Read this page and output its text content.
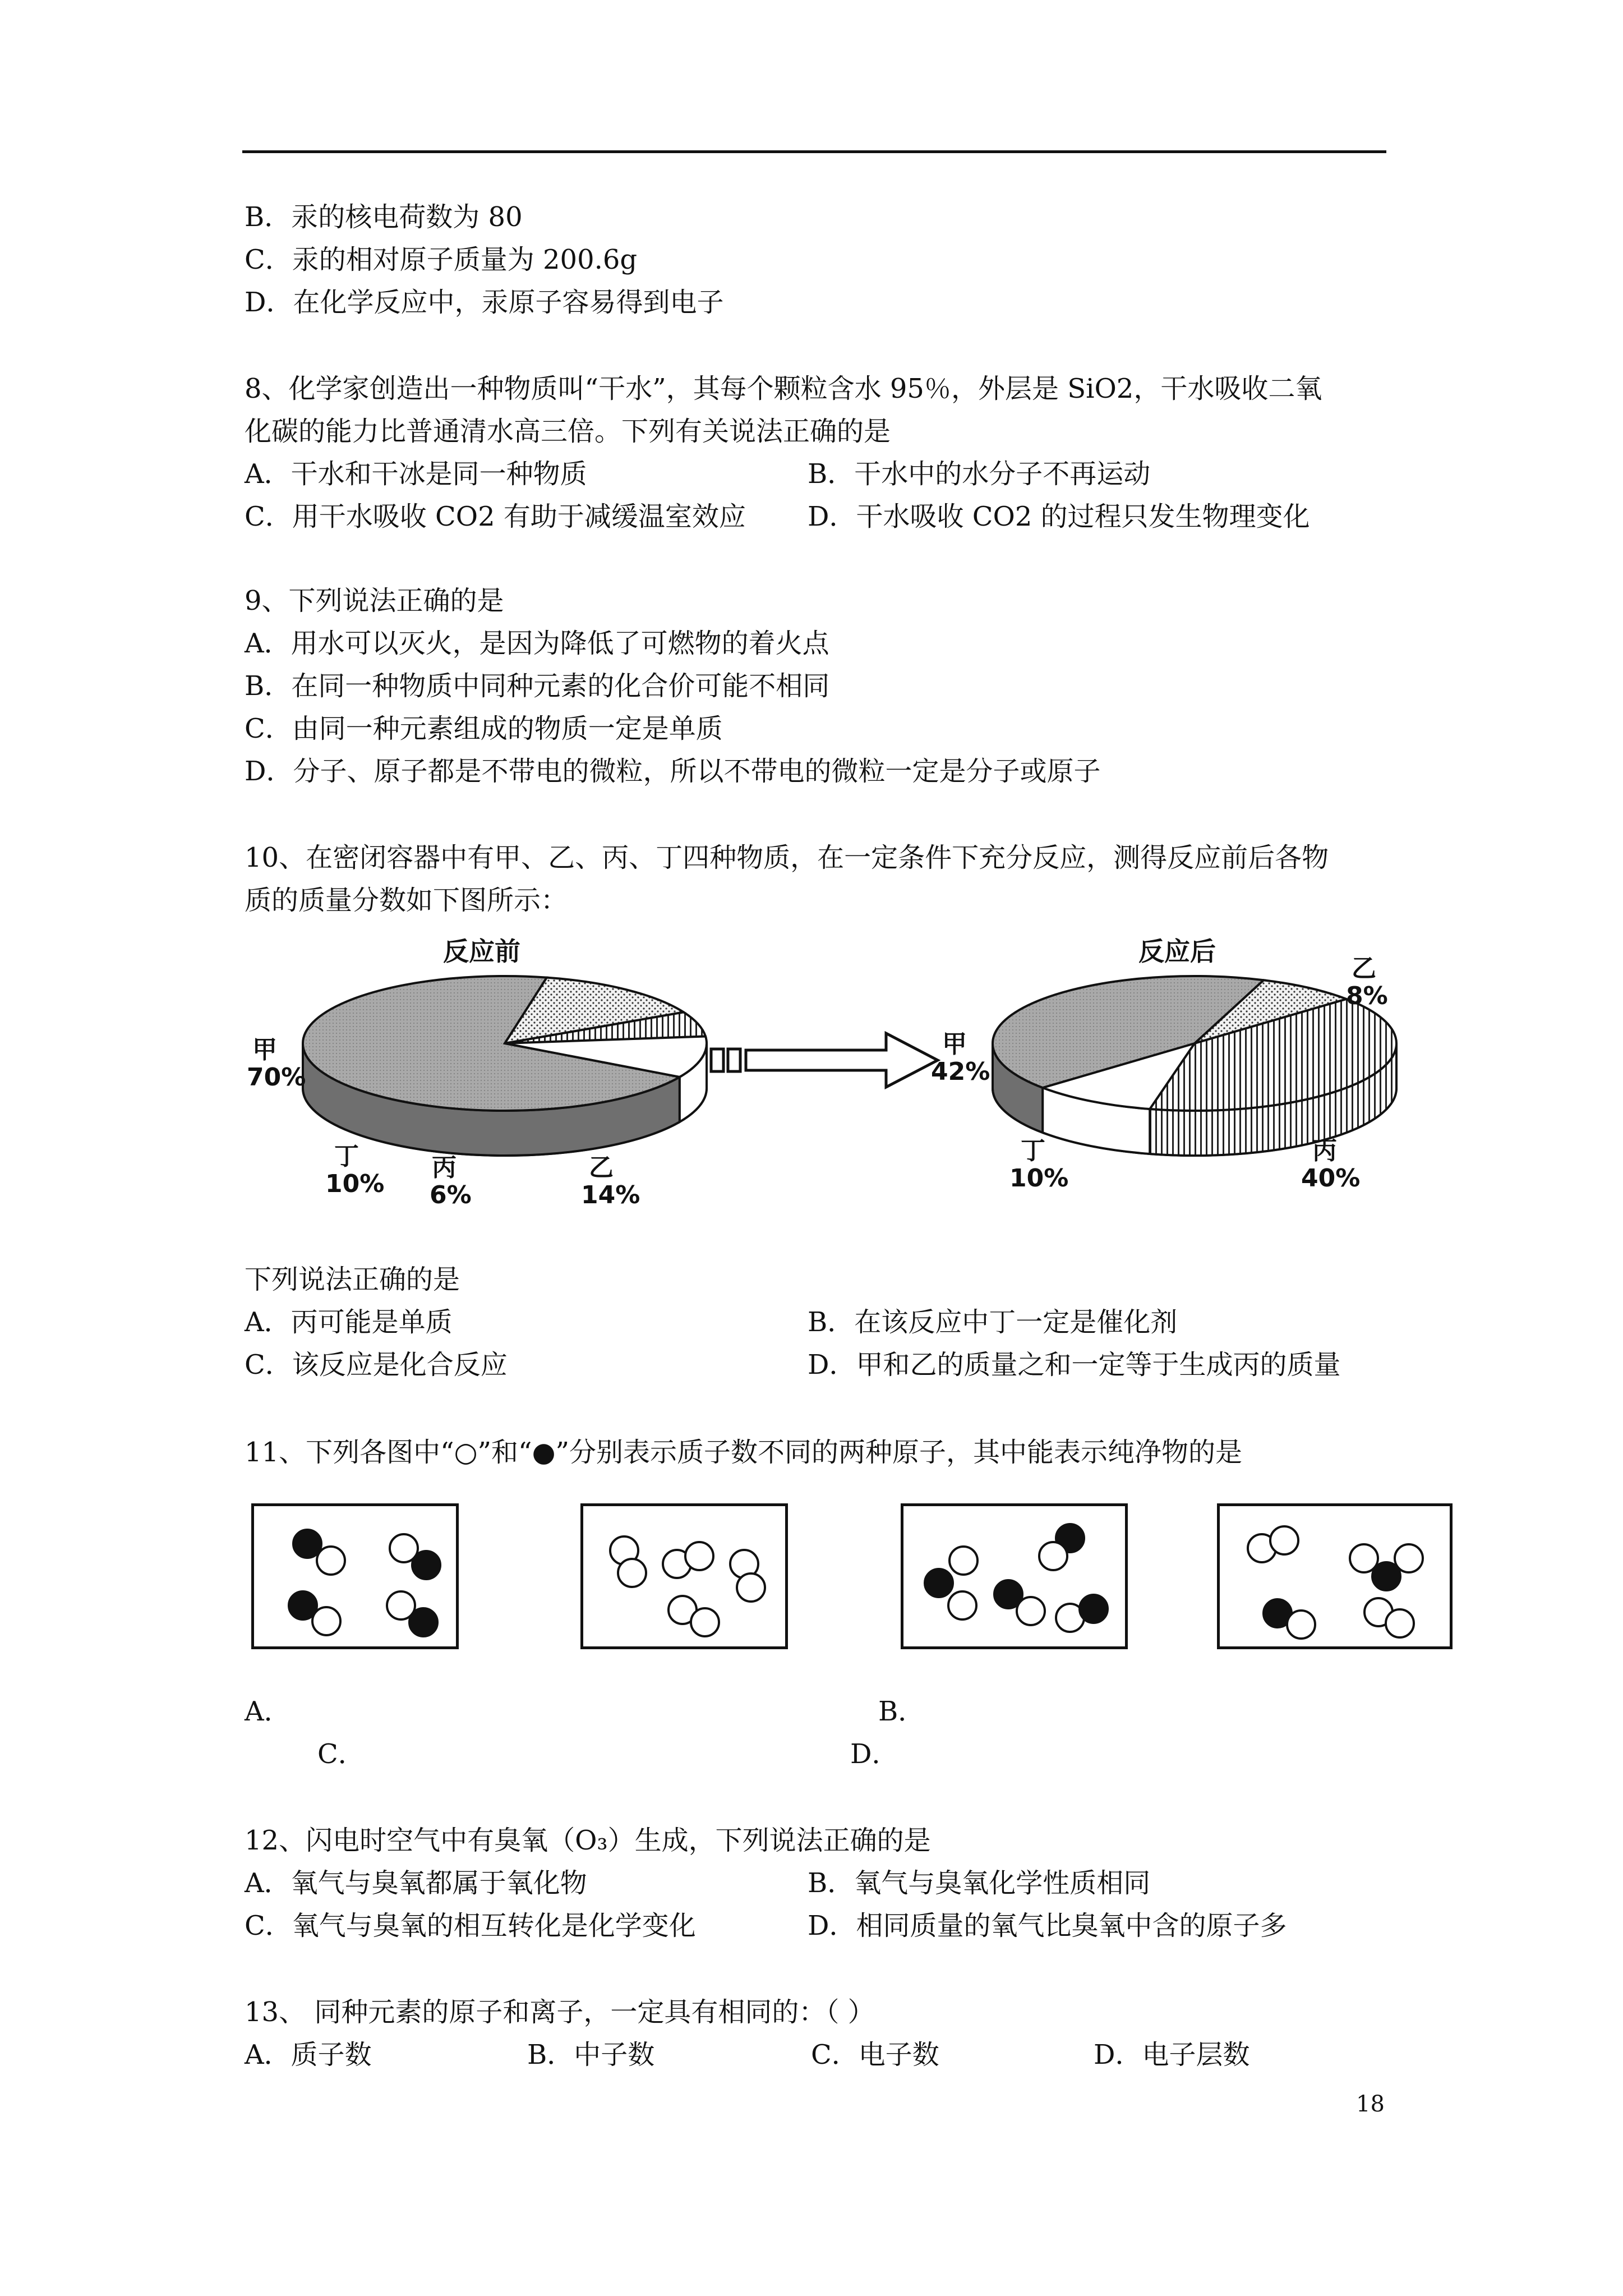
B．汞的核电荷数为 80
C．汞的相对原子质量为 200.6g
D．在化学反应中，汞原子容易得到电子
8、化学家创造出一种物质叫“干水”，其每个颗粒含水 95％，外层是 SiO2，干水吸收二氧
化碳的能力比普通清水高三倍。下列有关说法正确的是
A．干水和干冰是同一种物质	B．干水中的水分子不再运动
C．用干水吸收 CO2 有助于减缓温室效应 D．干水吸收 CO2 的过程只发生物理变化
9、下列说法正确的是
A．用水可以灭火，是因为降低了可燃物的着火点
B．在同一种物质中同种元素的化合价可能不相同
C．由同一种元素组成的物质一定是单质
D．分子、原子都是不带电的微粒，所以不带电的微粒一定是分子或原子
10、在密闭容器中有甲、乙、丙、丁四种物质，在一定条件下充分反应，测得反应前后各物
质的质量分数如下图所示：
反应前
甲
70%
丁
10%
丙
6%
乙
14%
反应后
甲
42%
乙
8%
丁
10%
丙
40%
下列说法正确的是
A．丙可能是单质	B．在该反应中丁一定是催化剂
C．该反应是化合反应	D．甲和乙的质量之和一定等于生成丙的质量
11、下列各图中“○”和“●”分别表示质子数不同的两种原子，其中能表示纯净物的是
A．	B．
C．	D．
12、闪电时空气中有臭氧（O₃）生成，下列说法正确的是
A．氧气与臭氧都属于氧化物	B．氧气与臭氧化学性质相同
C．氧气与臭氧的相互转化是化学变化	D．相同质量的氧气比臭氧中含的原子多
13、 同种元素的原子和离子，一定具有相同的：（ ）
A．质子数	B．中子数	C．电子数	D．电子层数
18
